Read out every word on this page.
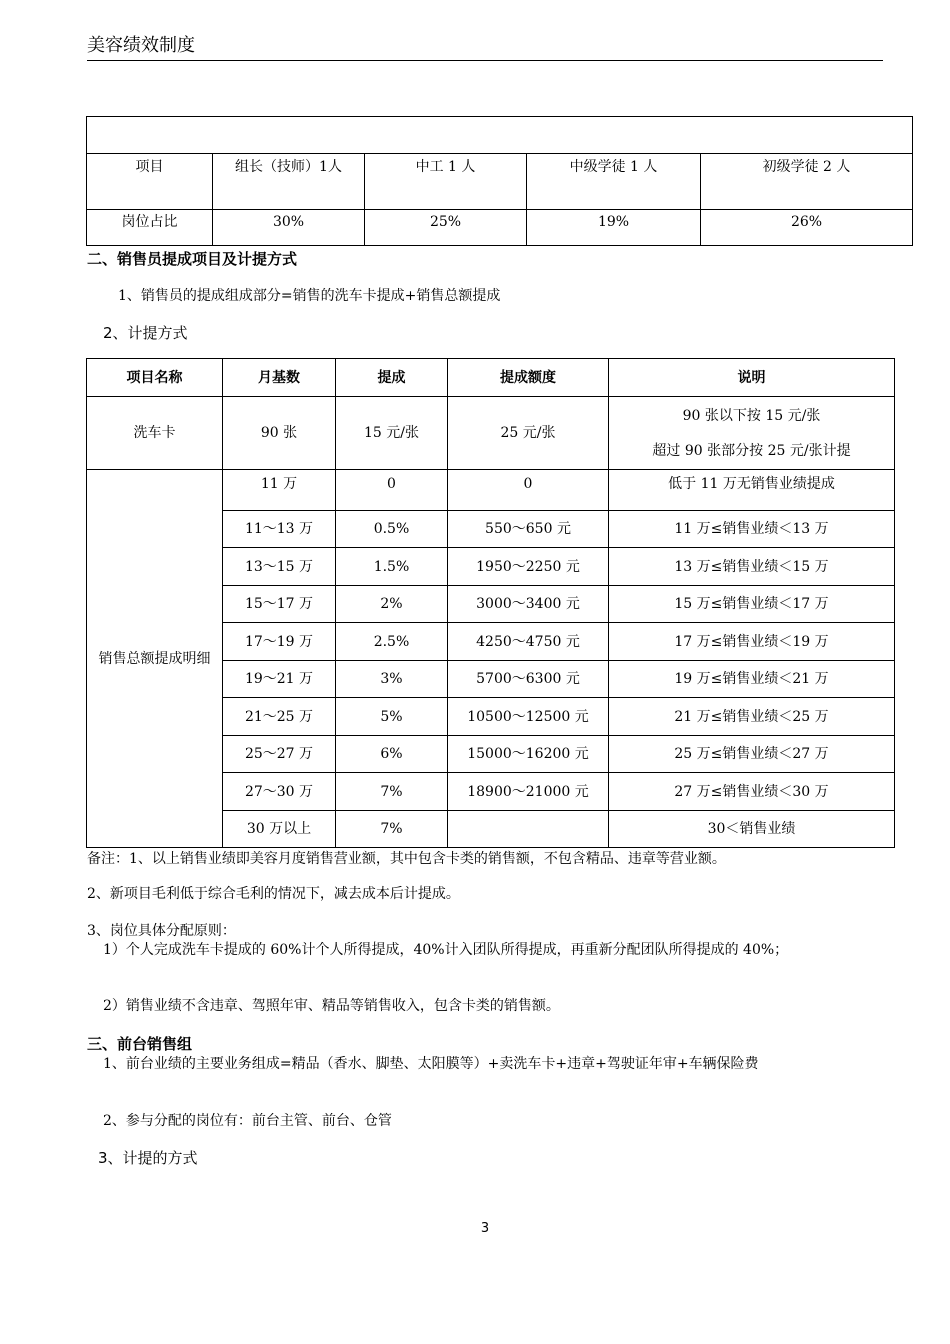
美容绩效制度

项目	组长（技师）1人	中工 1 人	中级学徒 1 人	初级学徒 2 人
岗位占比	30%	25%	19%	26%
二、销售员提成项目及计提方式
1、销售员的提成组成部分=销售的洗车卡提成+销售总额提成
2、计提方式
项目名称	月基数	提成	提成额度	说明
洗车卡	90 张	15 元/张	25 元/张	90 张以下按 15 元/张
超过 90 张部分按 25 元/张计提

销售总额提成明细	11 万	0	0	低于 11 万无销售业绩提成
	11～13 万	0.5%	550～650 元	11 万≤销售业绩＜13 万
	13～15 万	1.5%	1950～2250 元	13 万≤销售业绩＜15 万
	15～17 万	2%	3000～3400 元	15 万≤销售业绩＜17 万
	17～19 万	2.5%	4250～4750 元	17 万≤销售业绩＜19 万
	19～21 万	3%	5700～6300 元	19 万≤销售业绩＜21 万
	21～25 万	5%	10500～12500 元	21 万≤销售业绩＜25 万
	25～27 万	6%	15000～16200 元	25 万≤销售业绩＜27 万
	27～30 万	7%	18900～21000 元	27 万≤销售业绩＜30 万
	30 万以上	7%		30＜销售业绩
备注：1、以上销售业绩即美容月度销售营业额，其中包含卡类的销售额，不包含精品、违章等营业额。
2、新项目毛利低于综合毛利的情况下，减去成本后计提成。
3、岗位具体分配原则：
1）个人完成洗车卡提成的 60%计个人所得提成，40%计入团队所得提成，再重新分配团队所得提成的 40%；
2）销售业绩不含违章、驾照年审、精品等销售收入，包含卡类的销售额。
三、前台销售组
1、前台业绩的主要业务组成=精品（香水、脚垫、太阳膜等）+卖洗车卡+违章+驾驶证年审+车辆保险费
2、参与分配的岗位有：前台主管、前台、仓管
3、计提的方式
3
